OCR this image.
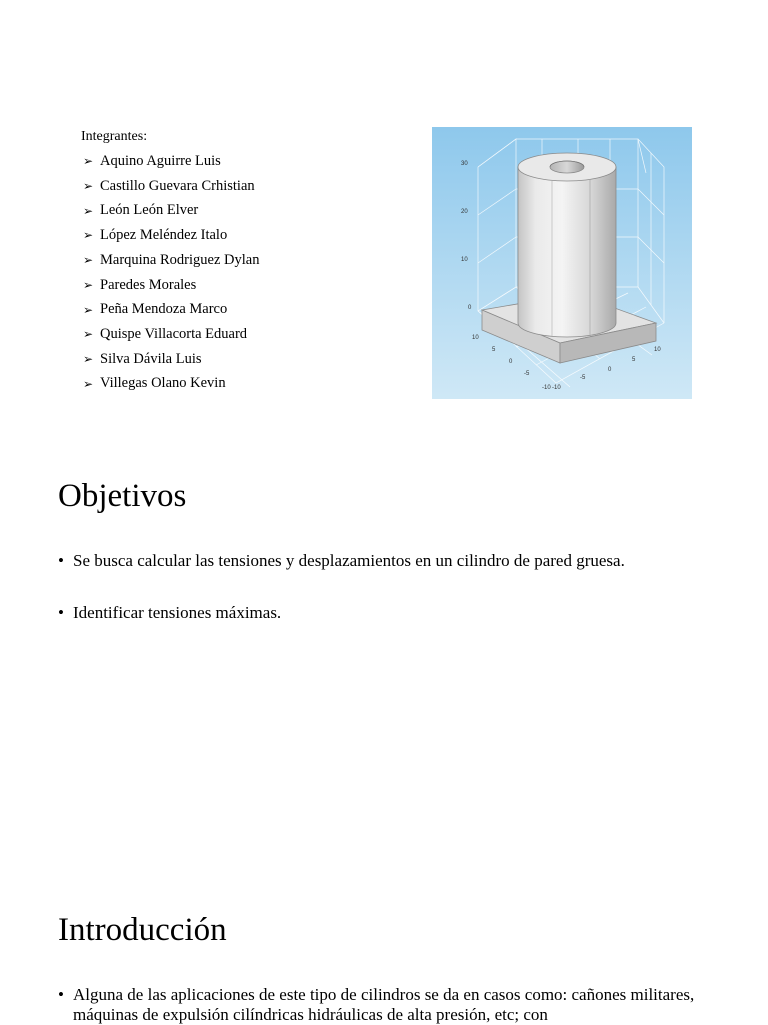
Integrantes:

➢ Aquino Aguirre Luis
➢ Castillo Guevara Crhistian
➢ León León Elver
➢ López Meléndez Italo
➢ Marquina Rodriguez Dylan
➢ Paredes Morales
➢ Peña Mendoza Marco
➢ Quispe Villacorta Eduard
➢ Silva Dávila Luis
➢ Villegas Olano Kevin
30
20
10
0
10
5
0
-5
-10 -10
-5
0
5
10
Objetivos
• Se busca calcular las tensiones y desplazamientos en un cilindro de pared gruesa.
• Identificar tensiones máximas.
Introducción
• Alguna de las aplicaciones de este tipo de cilindros se da en casos como: cañones militares, máquinas de expulsión cilíndricas hidráulicas de alta presión, etc; con
